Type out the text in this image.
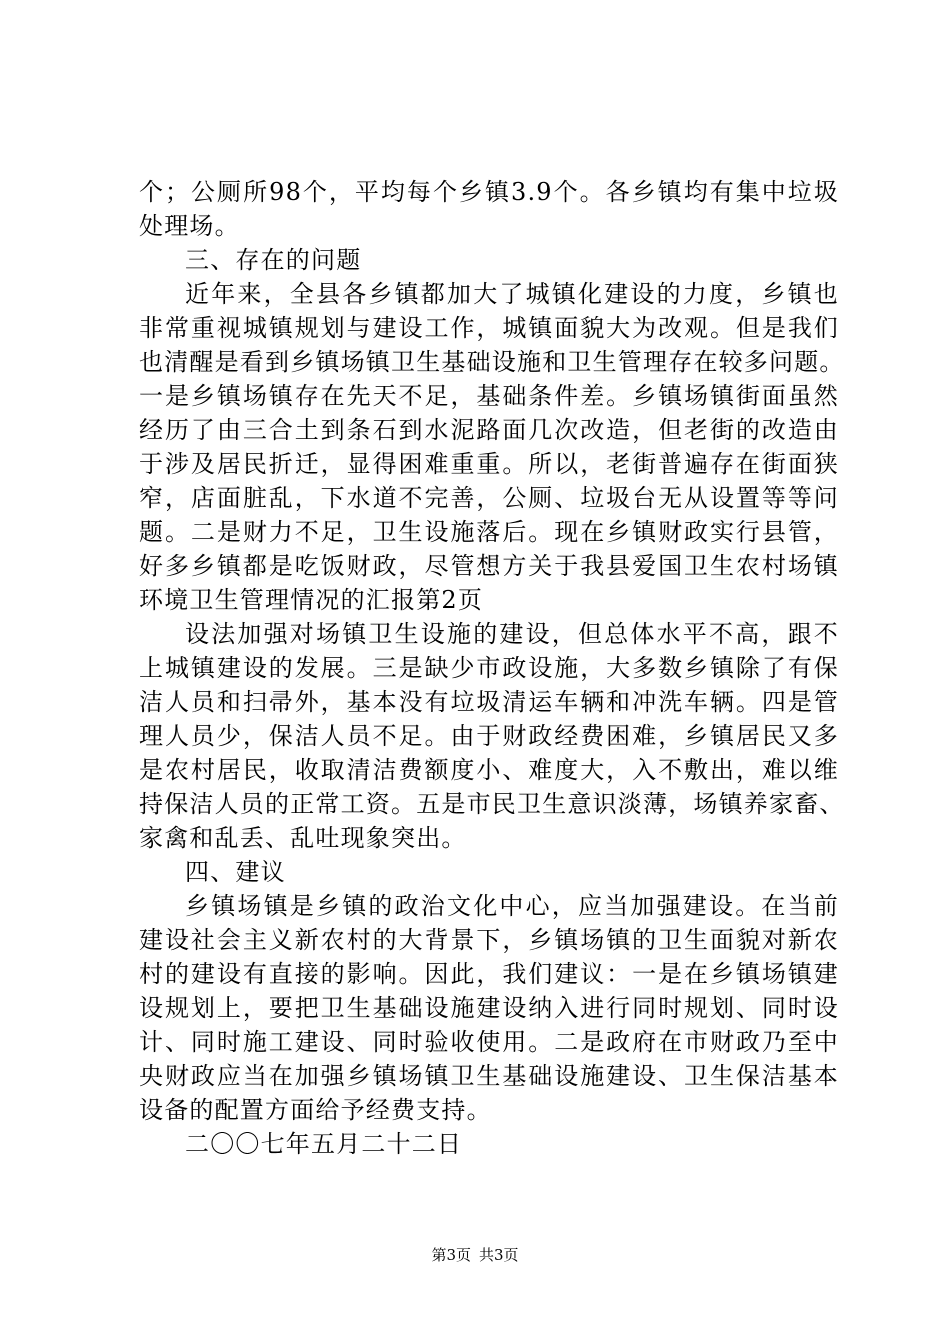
个；公厕所98个，平均每个乡镇3.9个。各乡镇均有集中垃圾
处理场。
三、存在的问题
近年来，全县各乡镇都加大了城镇化建设的力度，乡镇也
非常重视城镇规划与建设工作，城镇面貌大为改观。但是我们
也清醒是看到乡镇场镇卫生基础设施和卫生管理存在较多问题。
一是乡镇场镇存在先天不足，基础条件差。乡镇场镇街面虽然
经历了由三合土到条石到水泥路面几次改造，但老街的改造由
于涉及居民折迁，显得困难重重。所以，老街普遍存在街面狭
窄，店面脏乱，下水道不完善，公厕、垃圾台无从设置等等问
题。二是财力不足，卫生设施落后。现在乡镇财政实行县管，
好多乡镇都是吃饭财政，尽管想方关于我县爱国卫生农村场镇
环境卫生管理情况的汇报第2页
设法加强对场镇卫生设施的建设，但总体水平不高，跟不
上城镇建设的发展。三是缺少市政设施，大多数乡镇除了有保
洁人员和扫帚外，基本没有垃圾清运车辆和冲洗车辆。四是管
理人员少，保洁人员不足。由于财政经费困难，乡镇居民又多
是农村居民，收取清洁费额度小、难度大，入不敷出，难以维
持保洁人员的正常工资。五是市民卫生意识淡薄，场镇养家畜、
家禽和乱丢、乱吐现象突出。
四、建议
乡镇场镇是乡镇的政治文化中心，应当加强建设。在当前
建设社会主义新农村的大背景下，乡镇场镇的卫生面貌对新农
村的建设有直接的影响。因此，我们建议：一是在乡镇场镇建
设规划上，要把卫生基础设施建设纳入进行同时规划、同时设
计、同时施工建设、同时验收使用。二是政府在市财政乃至中
央财政应当在加强乡镇场镇卫生基础设施建设、卫生保洁基本
设备的配置方面给予经费支持。
二〇〇七年五月二十二日
第3页 共3页
